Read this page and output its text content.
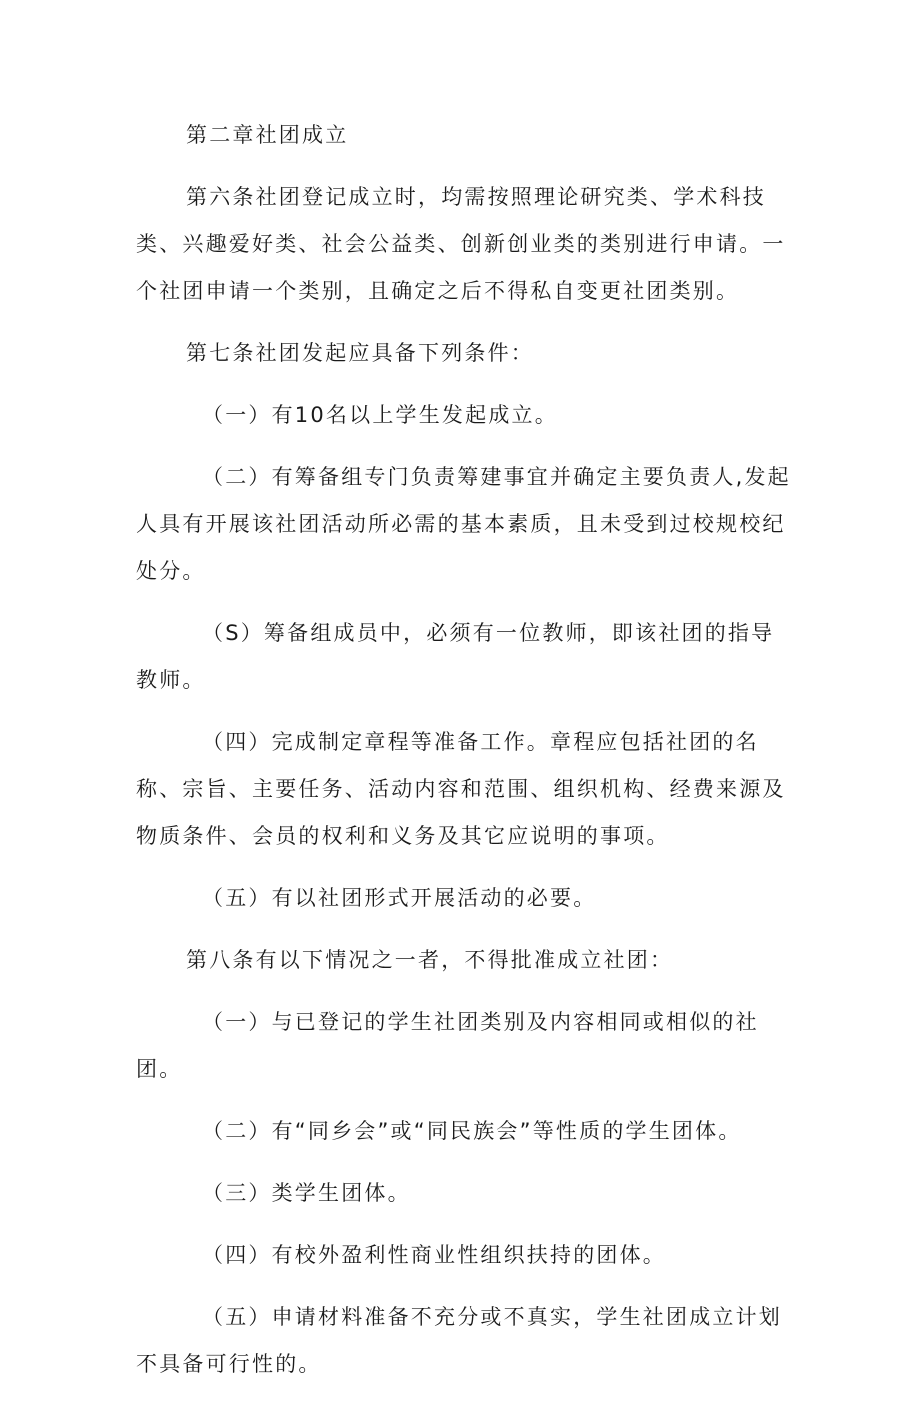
第二章社团成立

第六条社团登记成立时，均需按照理论研究类、学术科技类、兴趣爱好类、社会公益类、创新创业类的类别进行申请。一个社团申请一个类别，且确定之后不得私自变更社团类别。

第七条社团发起应具备下列条件：

（一）有10名以上学生发起成立。

（二）有筹备组专门负责筹建事宜并确定主要负责人,发起人具有开展该社团活动所必需的基本素质，且未受到过校规校纪处分。

（S）筹备组成员中，必须有一位教师，即该社团的指导教师。

（四）完成制定章程等准备工作。章程应包括社团的名称、宗旨、主要任务、活动内容和范围、组织机构、经费来源及物质条件、会员的权利和义务及其它应说明的事项。

（五）有以社团形式开展活动的必要。

第八条有以下情况之一者，不得批准成立社团：

（一）与已登记的学生社团类别及内容相同或相似的社团。

（二）有“同乡会”或“同民族会”等性质的学生团体。

（三）类学生团体。

（四）有校外盈利性商业性组织扶持的团体。

（五）申请材料准备不充分或不真实，学生社团成立计划不具备可行性的。
